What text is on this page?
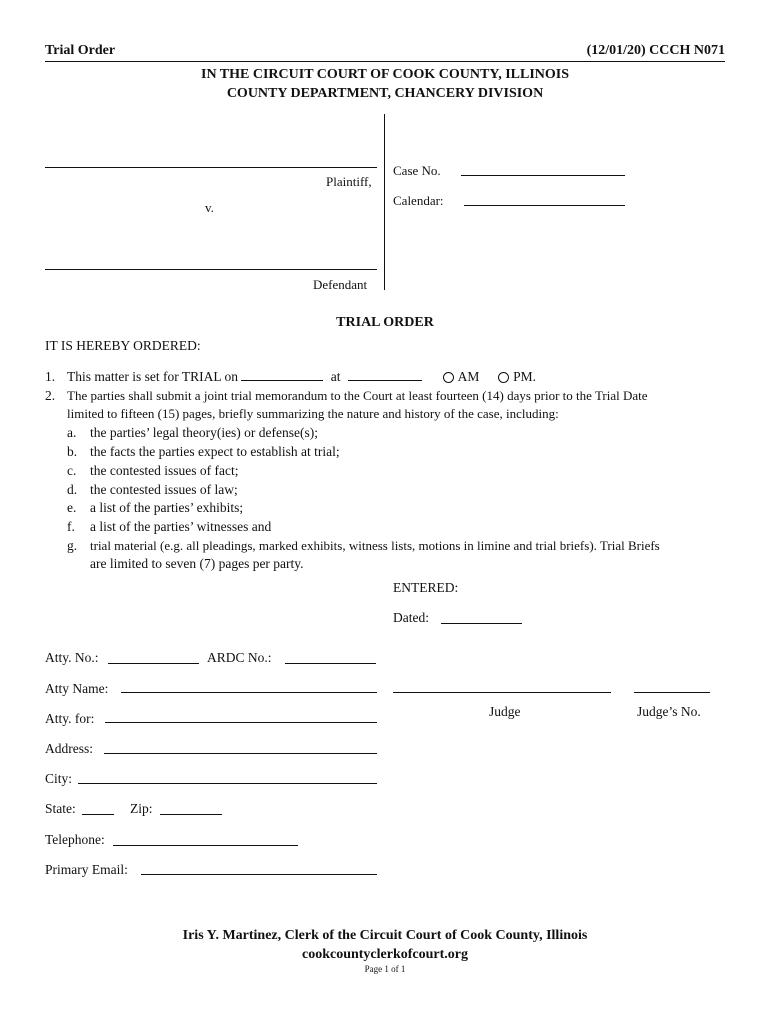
Trial Order	(12/01/20) CCCH N071
IN THE CIRCUIT COURT OF COOK COUNTY, ILLINOIS
COUNTY DEPARTMENT, CHANCERY DIVISION
Plaintiff,
v.
Defendant
Case No.
Calendar:
TRIAL ORDER
IT IS HEREBY ORDERED:
1. This matter is set for TRIAL on	at	AM	PM.
2. The parties shall submit a joint trial memorandum to the Court at least fourteen (14) days prior to the Trial Date
limited to fifteen (15) pages, briefly summarizing the nature and history of the case, including:
a. the parties’ legal theory(ies) or defense(s);
b. the facts the parties expect to establish at trial;
c. the contested issues of fact;
d. the contested issues of law;
e. a list of the parties’ exhibits;
f. a list of the parties’ witnesses and
g. trial material (e.g. all pleadings, marked exhibits, witness lists, motions in limine and trial briefs). Trial Briefs
are limited to seven (7) pages per party.
ENTERED:
Dated:
Atty. No.:	ARDC No.:
Atty Name:
Judge	Judge’s No.
Atty. for:
Address:
City:
State:	Zip:
Telephone:
Primary Email:
Iris Y. Martinez, Clerk of the Circuit Court of Cook County, Illinois
cookcountyclerkofcourt.org
Page 1 of 1
